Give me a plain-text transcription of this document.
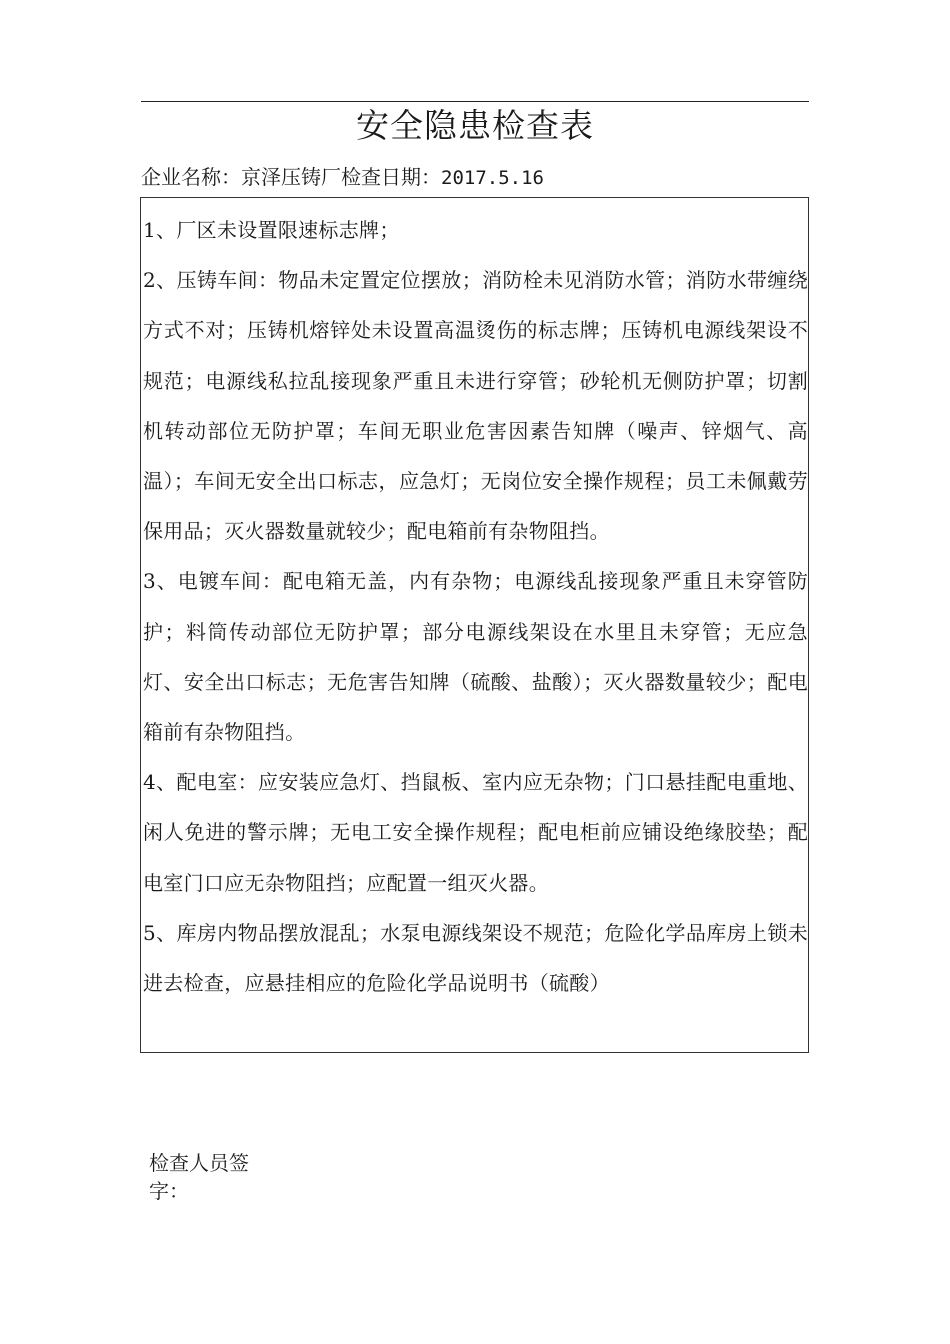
安全隐患检查表
企业名称：京泽压铸厂检查日期：2017.5.16

1、厂区未设置限速标志牌；

2、压铸车间：物品未定置定位摆放；消防栓未见消防水管；消防水带缠绕方式不对；压铸机熔锌处未设置高温烫伤的标志牌；压铸机电源线架设不规范；电源线私拉乱接现象严重且未进行穿管；砂轮机无侧防护罩；切割机转动部位无防护罩；车间无职业危害因素告知牌（噪声、锌烟气、高温）；车间无安全出口标志，应急灯；无岗位安全操作规程；员工未佩戴劳保用品；灭火器数量就较少；配电箱前有杂物阻挡。

3、电镀车间：配电箱无盖，内有杂物；电源线乱接现象严重且未穿管防护；料筒传动部位无防护罩；部分电源线架设在水里且未穿管；无应急灯、安全出口标志；无危害告知牌（硫酸、盐酸）；灭火器数量较少；配电箱前有杂物阻挡。

4、配电室：应安装应急灯、挡鼠板、室内应无杂物；门口悬挂配电重地、闲人免进的警示牌；无电工安全操作规程；配电柜前应铺设绝缘胶垫；配电室门口应无杂物阻挡；应配置一组灭火器。

5、库房内物品摆放混乱；水泵电源线架设不规范；危险化学品库房上锁未进去检查，应悬挂相应的危险化学品说明书（硫酸）

检查人员签字：
